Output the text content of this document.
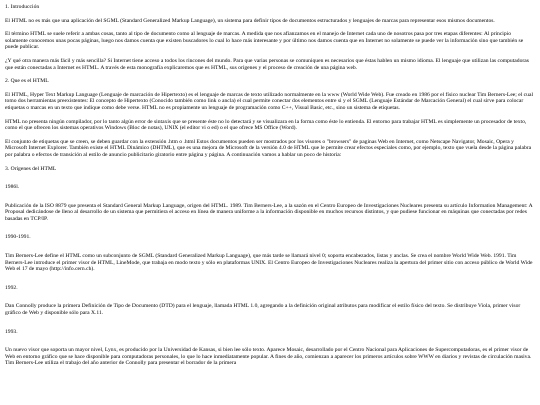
1. Introducción

El HTML no es más que una aplicación del SGML (Standard Generalized Markup Language), un sistema para definir tipos de documentos estructurados y lenguajes de marcas para representar esos mismos documentos.

El término HTML se suele referir a ambas cosas, tanto al tipo de documento como al lenguaje de marcas. A medida que nos afianzamos en el manejo de Internet cada uno de nosotros pasa por tres etapas diferentes: Al principio solamente conocemos unas pocas páginas, luego nos damos cuenta que existen buscadores lo cual lo hace más interesante y por último nos damos cuenta que en Internet no solamente se puede ver la información sino que también se puede publicar.

¿Y qué otra manera más fácil y más sencilla? Si Internet tiene acceso a todos los rincones del mundo. Para que varias personas se comuniquen es necesarios que éstas hablen un mismo idioma. El lenguaje que utilizan las computadoras que están conectadas a Internet es HTML. A través de esta monografía explicaremos que es HTML, sus orígenes y el proceso de creación de una página web.

2. Que es el HTML

El HTML, Hyper Text Markup Language (Lenguaje de marcación de Hipertexto) es el lenguaje de marcas de texto utilizado normalmente en la www (World Wide Web). Fue creado en 1986 por el físico nuclear Tim Berners-Lee; el cual tomo dos herramientas preexistentes: El concepto de Hipertexto (Conocido también como link o ancla) el cual permite conectar dos elementos entre si y el SGML (Lenguaje Estándar de Marcación General) el cual sirve para colocar etiquetas o marcas en un texto que indique como debe verse. HTML no es propiamente un lenguaje de programación como C++, Visual Basic, etc., sino un sistema de etiquetas.

HTML no presenta ningún compilador, por lo tanto algún error de sintaxis que se presente éste no lo detectará y se visualizara en la forma como éste lo entienda. El entorno para trabajar HTML es simplemente un procesador de texto, como el que ofrecen los sistemas operativos Windows (Bloc de notas), UNIX (el editor vi o ed) o el que ofrece MS Office (Word).

El conjunto de etiquetas que se creen, se deben guardar con la extensión .htm o .html Estos documentos pueden ser mostrados por los visores o "browsers" de paginas Web en Internet, como Netscape Navigator, Mosaic, Opera y Microsoft Internet Explorer. También existe el HTML Dinámico (DHTML), que es una mejora de Microsoft de la versión 4.0 de HTML que le permite crear efectos especiales como, por ejemplo, texto que vuela desde la página palabra por palabra o efectos de transición al estilo de anuncio publicitario giratorio entre página y página. A continuación vamos a hablar un poco de historia:

3. Orígenes del HTML

1986l.

Publicación de la ISO 8879 que presenta el Standard General Markup Language, origen del HTML. 1989. Tim Berners-Lee, a la sazón en el Centro Europeo de Investigaciones Nucleares presenta su artículo Information Management: A Proposal dedicándose de lleno al desarrollo de un sistema que permitiera el acceso en línea de manera uniforme a la información disponible en muchos recursos distintos, y que pudiese funcionar en máquinas que conectadas por redes basadas en TCP/IP.

1990-1991.

Tim Berners-Lee define el HTML como un subconjunto de SGML (Standard Generalized Markup Language), que más tarde se llamará nivel 0; soporta encabezados, listas y anclas. Se crea el nombre World Wide Web. 1991. Tim Berners-Lee introduce el primer visor de HTML, LineMode, que trabaja en modo texto y sólo en plataformas UNIX. El Centro Europeo de Investigaciones Nucleares realiza la apertura del primer sitio con acceso público de World Wide Web el 17 de mayo (http://info.cern.ch).

1992.

Dan Connolly produce la primera Definición de Tipo de Documento (DTD) para el lenguaje, llamada HTML 1.0, agregando a la definición original atributos para modificar el estilo físico del texto. Se distribuye Viola, primer visor gráfico de Web y disponible sólo para X.11.

1993.

Un nuevo visor que soporta un mayor nivel, Lynx, es producido por la Universidad de Kansas, si bien lee sólo texto. Aparece Mosaic, desarrollado por el Centro Nacional para Aplicaciones de Supercomputadoras, es el primer visor de Web en entorno gráfico que se hace disponible para computadoras personales, lo que lo hace inmediatamente popular. A fines de año, comienzan a aparecer los primeros artículos sobre WWW en diarios y revistas de circulación masiva. Tim Berners-Lee utiliza el trabajo del año anterior de Connolly para presentar el borrador de la primera
